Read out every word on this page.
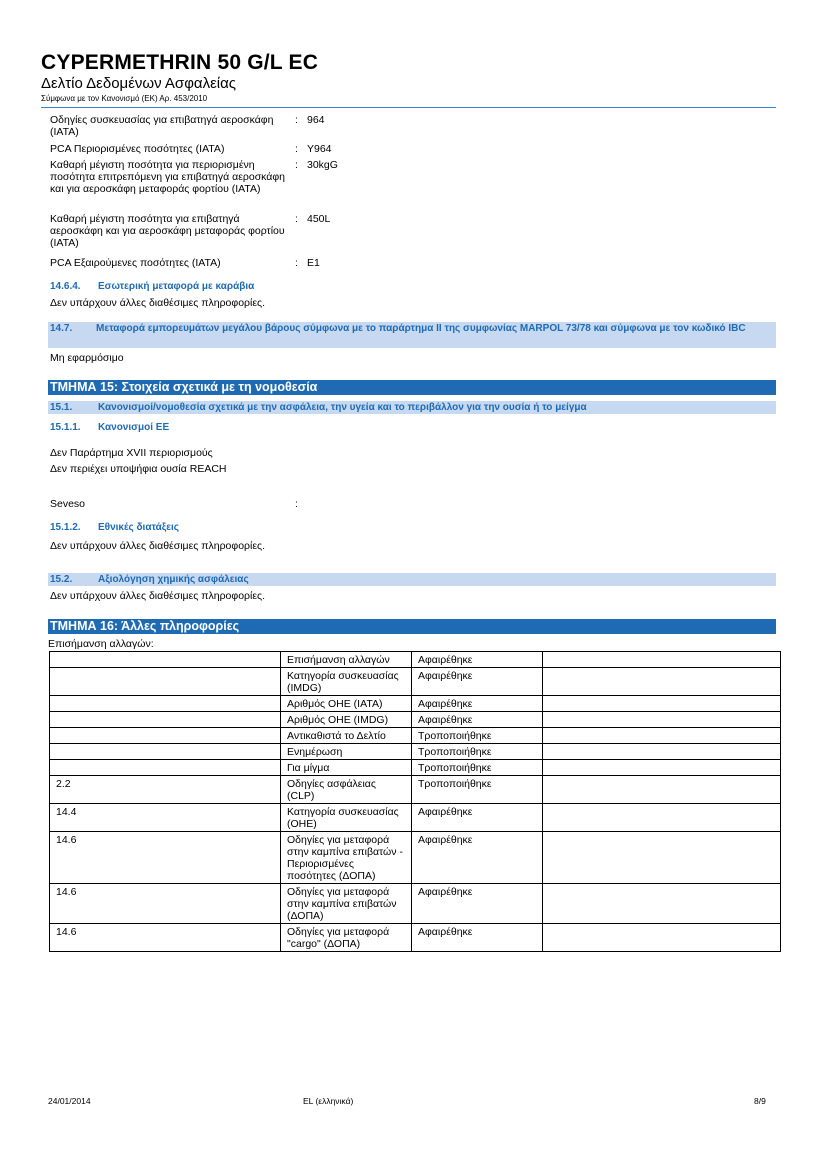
CYPERMETHRIN 50 G/L EC
Δελτίο Δεδομένων Ασφαλείας
Σύμφωνα με τον Κανονισμό (ΕΚ) Αρ. 453/2010
Οδηγίες συσκευασίας για επιβατηγά αεροσκάφη (IATA)
: 964
PCA Περιορισμένες ποσότητες (IATA)	: Y964
Καθαρή μέγιστη ποσότητα για περιορισμένη ποσότητα επιτρεπόμενη για επιβατηγά αεροσκάφη και για αεροσκάφη μεταφοράς φορτίου (IATA)
: 30kgG
Καθαρή μέγιστη ποσότητα για επιβατηγά αεροσκάφη και για αεροσκάφη μεταφοράς φορτίου (IATA)
: 450L
PCA Εξαιρούμενες ποσότητες (IATA)	: E1
14.6.4. Εσωτερική μεταφορά με καράβια
Δεν υπάρχουν άλλες διαθέσιμες πληροφορίες.
14.7. Μεταφορά εμπορευμάτων μεγάλου βάρους σύμφωνα με το παράρτημα II της συμφωνίας MARPOL 73/78 και σύμφωνα με τον κωδικό IBC
Μη εφαρμόσιμο
ΤΜΗΜΑ 15: Στοιχεία σχετικά με τη νομοθεσία
15.1.	Κανονισμοί/νομοθεσία σχετικά με την ασφάλεια, την υγεία και το περιβάλλον για την ουσία ή το μείγμα
15.1.1. Κανονισμοί ΕΕ
Δεν Παράρτημα XVII περιορισμούς
Δεν περιέχει υποψήφια ουσία REACH
Seveso	:
15.1.2. Εθνικές διατάξεις
Δεν υπάρχουν άλλες διαθέσιμες πληροφορίες.
15.2.	Αξιολόγηση χημικής ασφάλειας
Δεν υπάρχουν άλλες διαθέσιμες πληροφορίες.
ΤΜΗΜΑ 16: Άλλες πληροφορίες
Επισήμανση αλλαγών:
	Επισήμανση αλλαγών	Αφαιρέθηκε	
	Κατηγορία συσκευασίας (IMDG)	Αφαιρέθηκε	
	Αριθμός ΟΗΕ (IATA)	Αφαιρέθηκε	
	Αριθμός ΟΗΕ (IMDG)	Αφαιρέθηκε	
	Αντικαθιστά το Δελτίο	Τροποποιήθηκε	
	Ενημέρωση	Τροποποιήθηκε	
	Για μίγμα	Τροποποιήθηκε	
2.2	Οδηγίες ασφάλειας (CLP)	Τροποποιήθηκε	
14.4	Κατηγορία συσκευασίας (ΟΗΕ)	Αφαιρέθηκε	
14.6	Οδηγίες για μεταφορά στην καμπίνα επιβατών - Περιορισμένες ποσότητες (ΔΟΠΑ)	Αφαιρέθηκε	
14.6	Οδηγίες για μεταφορά στην καμπίνα επιβατών (ΔΟΠΑ)	Αφαιρέθηκε	
14.6	Οδηγίες για μεταφορά "cargo" (ΔΟΠΑ)	Αφαιρέθηκε	
24/01/2014	EL (ελληνικά)	8/9
